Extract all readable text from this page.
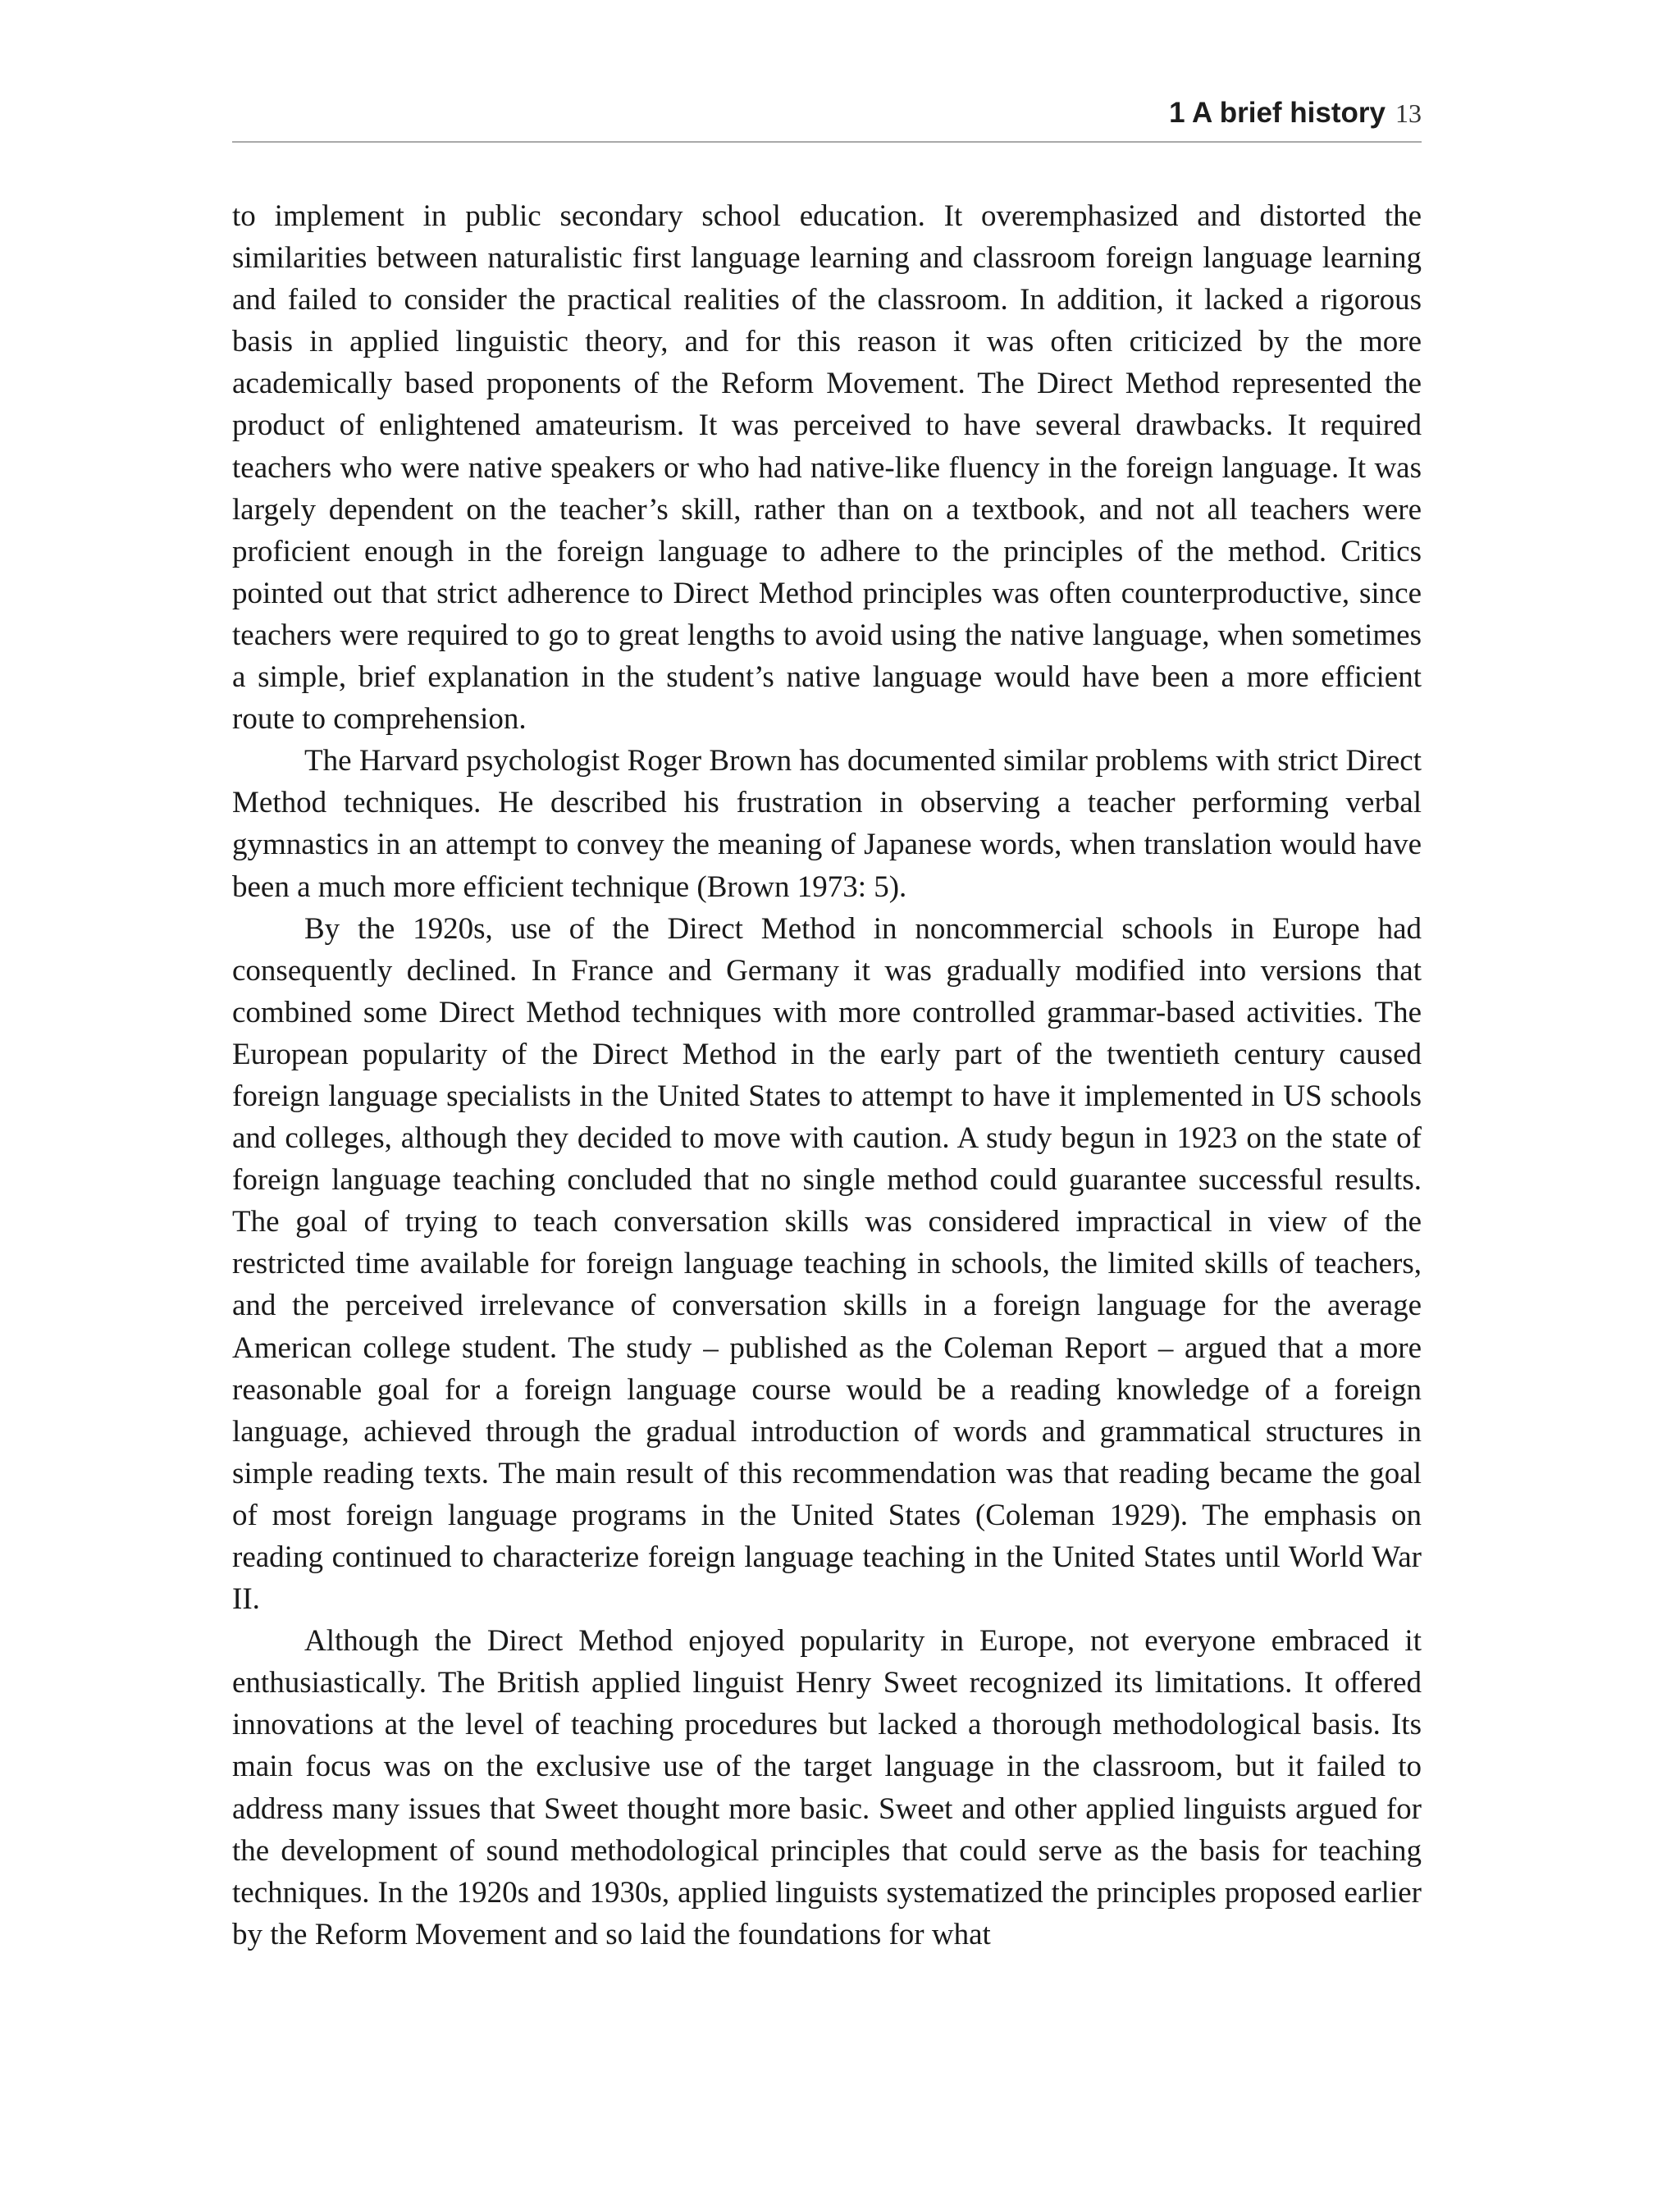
1 A brief history 13

to implement in public secondary school education. It overemphasized and distorted the similarities between naturalistic first language learning and classroom foreign language learning and failed to consider the practical realities of the classroom. In addition, it lacked a rigorous basis in applied linguistic theory, and for this reason it was often criticized by the more academically based proponents of the Reform Movement. The Direct Method represented the product of enlightened amateurism. It was perceived to have several drawbacks. It required teachers who were native speakers or who had native-like fluency in the foreign language. It was largely dependent on the teacher’s skill, rather than on a textbook, and not all teachers were proficient enough in the foreign language to adhere to the principles of the method. Critics pointed out that strict adherence to Direct Method principles was often counterproductive, since teachers were required to go to great lengths to avoid using the native language, when sometimes a simple, brief explanation in the student’s native language would have been a more efficient route to comprehension.

The Harvard psychologist Roger Brown has documented similar problems with strict Direct Method techniques. He described his frustration in observing a teacher performing verbal gymnastics in an attempt to convey the meaning of Japanese words, when translation would have been a much more efficient technique (Brown 1973: 5).

By the 1920s, use of the Direct Method in noncommercial schools in Europe had consequently declined. In France and Germany it was gradually modified into versions that combined some Direct Method techniques with more controlled grammar-based activities. The European popularity of the Direct Method in the early part of the twentieth century caused foreign language specialists in the United States to attempt to have it implemented in US schools and colleges, although they decided to move with caution. A study begun in 1923 on the state of foreign language teaching concluded that no single method could guarantee successful results. The goal of trying to teach conversation skills was considered impractical in view of the restricted time available for foreign language teaching in schools, the limited skills of teachers, and the perceived irrelevance of conversation skills in a foreign language for the average American college student. The study – published as the Coleman Report – argued that a more reasonable goal for a foreign language course would be a reading knowledge of a foreign language, achieved through the gradual introduction of words and grammatical structures in simple reading texts. The main result of this recommendation was that reading became the goal of most foreign language programs in the United States (Coleman 1929). The emphasis on reading continued to characterize foreign language teaching in the United States until World War II.

Although the Direct Method enjoyed popularity in Europe, not everyone embraced it enthusiastically. The British applied linguist Henry Sweet recognized its limitations. It offered innovations at the level of teaching procedures but lacked a thorough methodological basis. Its main focus was on the exclusive use of the target language in the classroom, but it failed to address many issues that Sweet thought more basic. Sweet and other applied linguists argued for the development of sound methodological principles that could serve as the basis for teaching techniques. In the 1920s and 1930s, applied linguists systematized the principles proposed earlier by the Reform Movement and so laid the foundations for what
